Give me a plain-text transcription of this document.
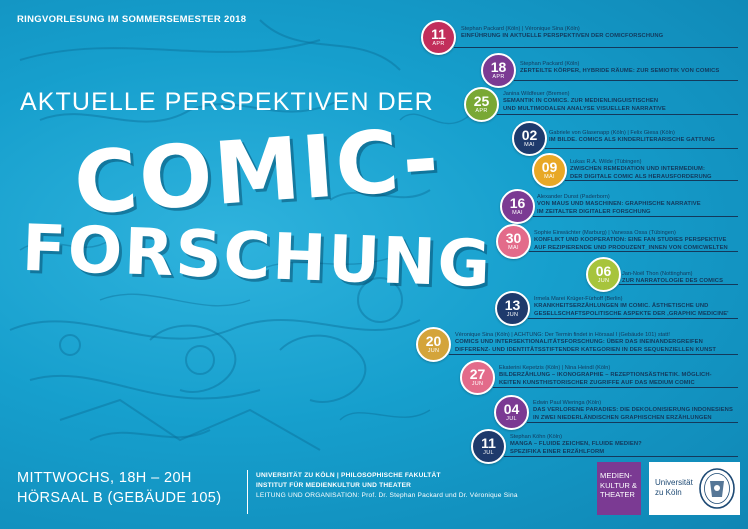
RINGVORLESUNG IM SOMMERSEMESTER 2018
AKTUELLE PERSPEKTIVEN DER
COMIC-
FORSCHUNG
11
APR
Stephan Packard (Köln) | Véronique Sina (Köln)
EINFÜHRUNG IN AKTUELLE PERSPEKTIVEN DER COMICFORSCHUNG
18
APR
Stephan Packard (Köln)
ZERTEILTE KÖRPER, HYBRIDE RÄUME: ZUR SEMIOTIK VON COMICS
25
APR
Janina Wildfeuer (Bremen)
SEMANTIK IN COMICS. ZUR MEDIENLINGUISTISCHEN
UND MULTIMODALEN ANALYSE VISUELLER NARRATIVE
02
MAI
Gabriele von Glasenapp (Köln) | Felix Giesa (Köln)
IM BILDE. COMICS ALS KINDERLITERARISCHE GATTUNG
09
MAI
Lukas R.A. Wilde (Tübingen)
ZWISCHEN REMEDIATION UND INTERMEDIUM:
DER DIGITALE COMIC ALS HERAUSFORDERUNG
16
MAI
Alexander Dunst (Paderborn)
VON MAUS UND MASCHINEN: GRAPHISCHE NARRATIVE
IM ZEITALTER DIGITALER FORSCHUNG
30
MAI
Sophie Einwächter (Marburg) | Vanessa Ossa (Tübingen)
KONFLIKT UND KOOPERATION: EINE FAN STUDIES PERSPEKTIVE
AUF REZIPIERENDE UND PRODUZENT_INNEN VON COMICWELTEN
06
JUN
Jan-Noël Thon (Nottingham)
ZUR NARRATOLOGIE DES COMICS
13
JUN
Irmela Marei Krüger-Fürhoff (Berlin)
KRANKHEITSERZÄHLUNGEN IM COMIC. ÄSTHETISCHE UND
GESELLSCHAFTSPOLITISCHE ASPEKTE DER ‚GRAPHIC MEDICINE'
20
JUN
Véronique Sina (Köln) | ACHTUNG: Der Termin findet in Hörsaal I (Gebäude 101) statt!
COMICS UND INTERSEKTIONALITÄTSFORSCHUNG: ÜBER DAS INEINANDERGREIFEN
DIFFERENZ- UND IDENTITÄTSSTIFTENDER KATEGORIEN IN DER SEQUENZIELLEN KUNST
27
JUN
Ekaterini Kepetzis (Köln) | Nina Heindl (Köln)
BILDERZÄHLUNG – IKONOGRAPHIE – REZEPTIONSÄSTHETIK. MÖGLICH-
KEITEN KUNSTHISTORISCHER ZUGRIFFE AUF DAS MEDIUM COMIC
04
JUL
Edwin Paul Wieringa (Köln)
DAS VERLORENE PARADIES: DIE DEKOLONISIERUNG INDONESIENS
IN ZWEI NIEDERLÄNDISCHEN GRAPHISCHEN ERZÄHLUNGEN
11
JUL
Stephan Köhn (Köln)
MANGA – FLUIDE ZEICHEN, FLUIDE MEDIEN?
SPEZIFIKA EINER ERZÄHLFORM
MITTWOCHS, 18H – 20H
HÖRSAAL B (GEBÄUDE 105)
UNIVERSITÄT ZU KÖLN | PHILOSOPHISCHE FAKULTÄT
INSTITUT FÜR MEDIENKULTUR UND THEATER
LEITUNG UND ORGANISATION: Prof. Dr. Stephan Packard und Dr. Véronique Sina
MEDIEN-
KULTUR &
THEATER
Universität
zu Köln
